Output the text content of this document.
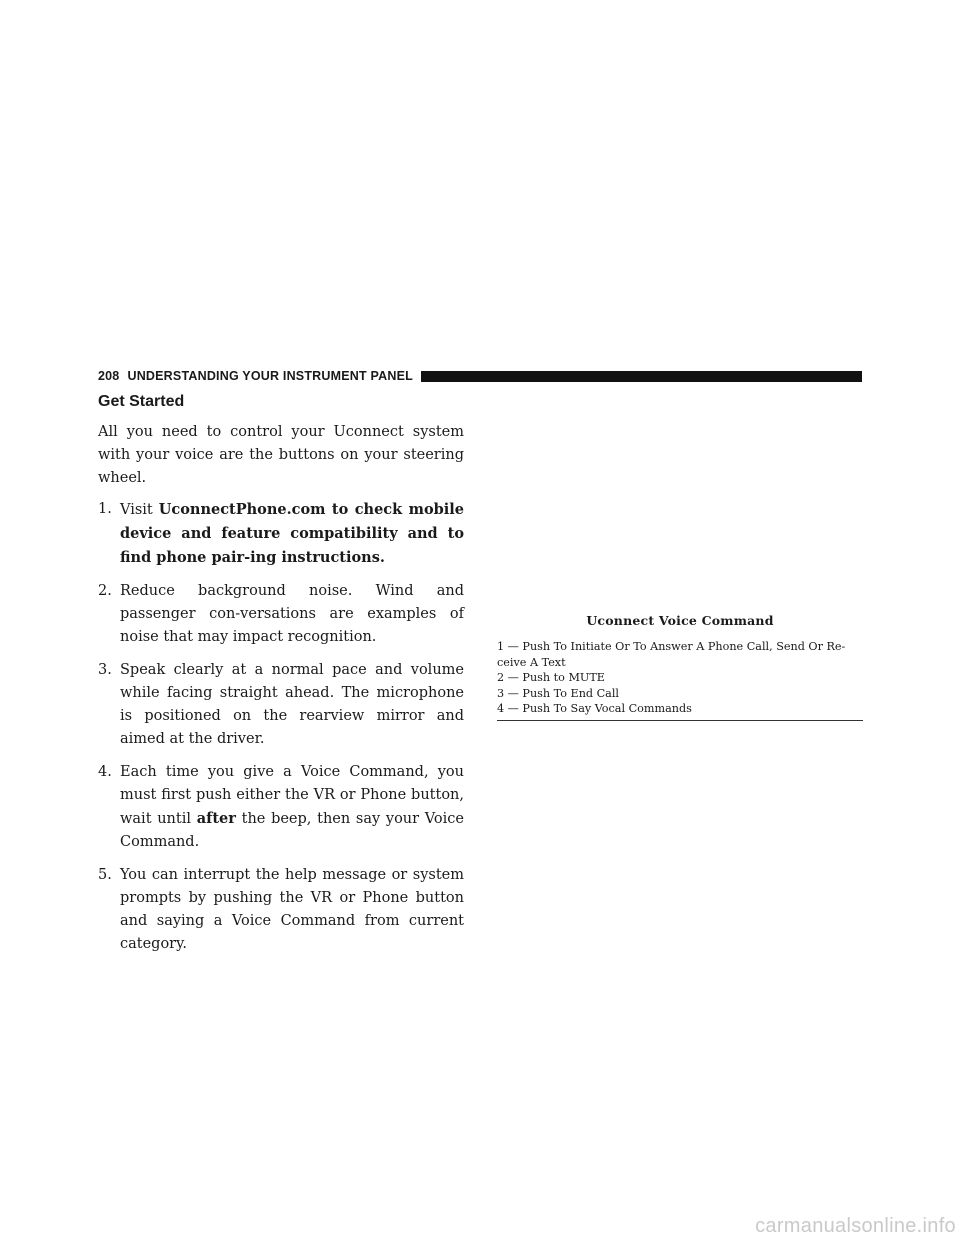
208 UNDERSTANDING YOUR INSTRUMENT PANEL
Get Started

All you need to control your Uconnect system with your voice are the buttons on your steering wheel.

1. Visit UconnectPhone.com to check mobile device and feature compatibility and to find phone pair-ing instructions.
2. Reduce background noise. Wind and passenger con-versations are examples of noise that may impact recognition.
3. Speak clearly at a normal pace and volume while facing straight ahead. The microphone is positioned on the rearview mirror and aimed at the driver.
4. Each time you give a Voice Command, you must first push either the VR or Phone button, wait until after the beep, then say your Voice Command.
5. You can interrupt the help message or system prompts by pushing the VR or Phone button and saying a Voice Command from current category.
Uconnect Voice Command
1 — Push To Initiate Or To Answer A Phone Call, Send Or Re-ceive A Text
2 — Push to MUTE
3 — Push To End Call
4 — Push To Say Vocal Commands
carmanualsonline.info
